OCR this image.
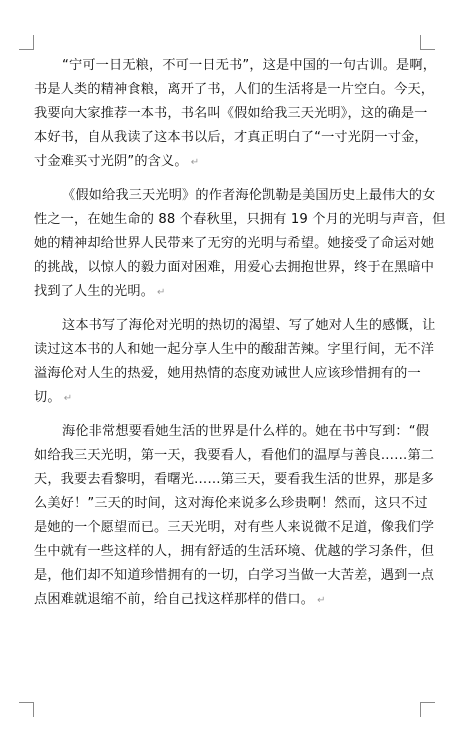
“宁可一日无粮，不可一日无书”，这是中国的一句古训。是啊，
书是人类的精神食粮，离开了书，人们的生活将是一片空白。今天，
我要向大家推荐一本书，书名叫《假如给我三天光明》，这的确是一
本好书，自从我读了这本书以后，才真正明白了“一寸光阴一寸金，
寸金难买寸光阴”的含义。 ↵
《假如给我三天光明》的作者海伦凯勒是美国历史上最伟大的女
性之一，在她生命的 88 个春秋里，只拥有 19 个月的光明与声音，但
她的精神却给世界人民带来了无穷的光明与希望。她接受了命运对她
的挑战，以惊人的毅力面对困难，用爱心去拥抱世界，终于在黑暗中
找到了人生的光明。 ↵
这本书写了海伦对光明的热切的渴望、写了她对人生的感慨，让
读过这本书的人和她一起分享人生中的酸甜苦辣。字里行间，无不洋
溢海伦对人生的热爱，她用热情的态度劝诫世人应该珍惜拥有的一
切。 ↵
海伦非常想要看她生活的世界是什么样的。她在书中写到：“假
如给我三天光明，第一天，我要看人，看他们的温厚与善良……第二
天，我要去看黎明，看曙光……第三天，要看我生活的世界，那是多
么美好！”三天的时间，这对海伦来说多么珍贵啊！然而，这只不过
是她的一个愿望而已。三天光明，对有些人来说微不足道，像我们学
生中就有一些这样的人，拥有舒适的生活环境、优越的学习条件，但
是，他们却不知道珍惜拥有的一切，白学习当做一大苦差，遇到一点
点困难就退缩不前，给自己找这样那样的借口。 ↵
